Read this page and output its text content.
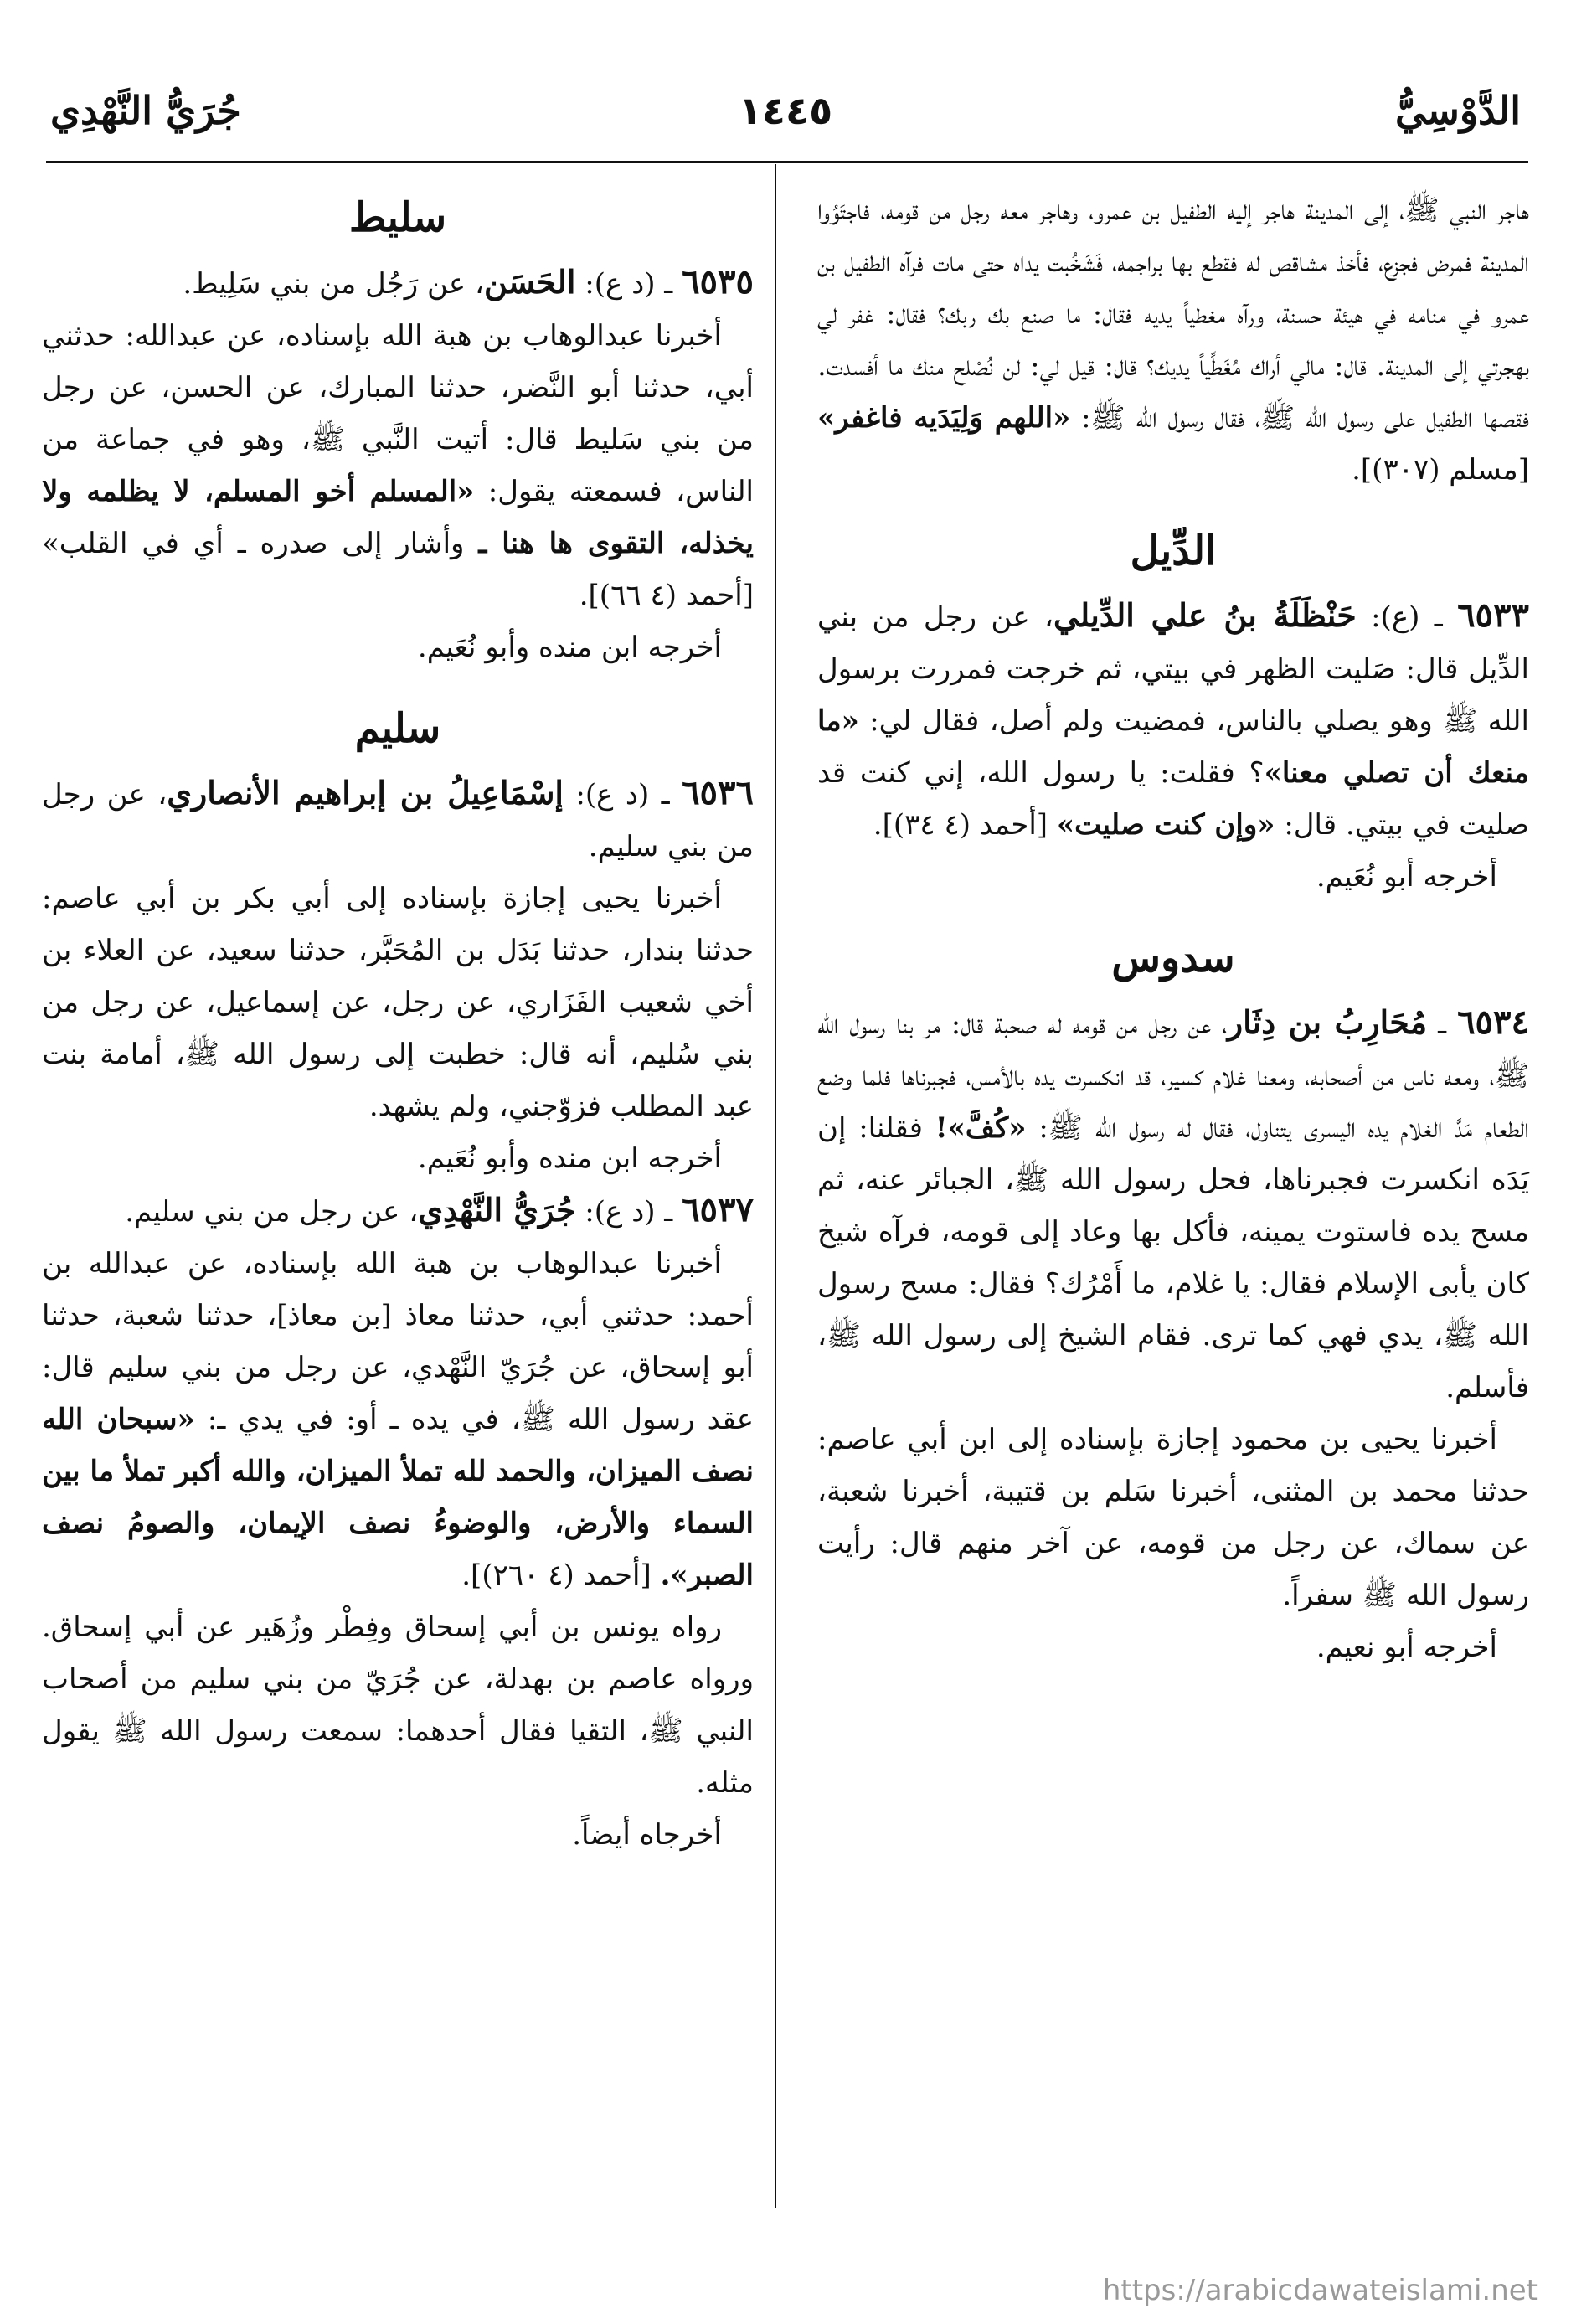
الدَّوْسِيُّ
١٤٤٥
جُرَيُّ النَّهْدِي

هاجر النبي ﷺ، إلى المدينة هاجر إليه الطفيل بن عمرو، وهاجر معه رجل من قومه، فاجتَوُوا المدينة فمرض فجزع، فأخذ مشاقص له فقطع بها براجمه، فَشَخُبت يداه حتى مات فرآه الطفيل بن عمرو في منامه في هيئة حسنة، ورآه مغطياً يديه فقال: ما صنع بك ربك؟ فقال: غفر لي بهجرتي إلى المدينة. قال: مالي أراك مُغَطِّياً يديك؟ قال: قيل لي: لن نُصْلح منك ما أفسدت. فقصها الطفيل على رسول الله ﷺ، فقال رسول الله ﷺ: «اللهم وَلِيَدَيه فاغفر» [مسلم (٣٠٧)].

الدِّيل

٦٥٣٣ ـ (ع): حَنْظَلَةُ بنُ علي الدِّيلي، عن رجل من بني الدِّيل قال: صَليت الظهر في بيتي، ثم خرجت فمررت برسول الله ﷺ وهو يصلي بالناس، فمضيت ولم أصل، فقال لي: «ما منعك أن تصلي معنا»؟ فقلت: يا رسول الله، إني كنت قد صليت في بيتي. قال: «وإن كنت صليت» [أحمد (٤ ٣٤)].

أخرجه أبو نُعَيم.

سدوس

٦٥٣٤ ـ مُحَارِبُ بن دِثَار، عن رجل من قومه له صحبة قال: مر بنا رسول الله ﷺ، ومعه ناس من أصحابه، ومعنا غلام كسير، قد انكسرت يده بالأمس، فجبرناها فلما وضع الطعام مَدَّ الغلام يده اليسرى يتناول، فقال له رسول الله ﷺ: «كُفَّ»! فقلنا: إن يَدَه انكسرت فجبرناها، فحل رسول الله ﷺ، الجبائر عنه، ثم مسح يده فاستوت يمينه، فأكل بها وعاد إلى قومه، فرآه شيخ كان يأبى الإسلام فقال: يا غلام، ما أَمْرُك؟ فقال: مسح رسول الله ﷺ، يدي فهي كما ترى. فقام الشيخ إلى رسول الله ﷺ، فأسلم.

أخبرنا يحيى بن محمود إجازة بإسناده إلى ابن أبي عاصم: حدثنا محمد بن المثنى، أخبرنا سَلم بن قتيبة، أخبرنا شعبة، عن سماك، عن رجل من قومه، عن آخر منهم قال: رأيت رسول الله ﷺ سفراً.

أخرجه أبو نعيم.

سليط

٦٥٣٥ ـ (د ع): الحَسَن، عن رَجُل من بني سَلِيط.

أخبرنا عبدالوهاب بن هبة الله بإسناده، عن عبدالله: حدثني أبي، حدثنا أبو النَّضر، حدثنا المبارك، عن الحسن، عن رجل من بني سَليط قال: أتيت النَّبي ﷺ، وهو في جماعة من الناس، فسمعته يقول: «المسلم أخو المسلم، لا يظلمه ولا يخذله، التقوى ها هنا ـ وأشار إلى صدره ـ أي في القلب» [أحمد (٤ ٦٦)].

أخرجه ابن منده وأبو نُعَيم.

سليم

٦٥٣٦ ـ (د ع): إسْمَاعِيلُ بن إبراهيم الأنصاري، عن رجل من بني سليم.

أخبرنا يحيى إجازة بإسناده إلى أبي بكر بن أبي عاصم: حدثنا بندار، حدثنا بَدَل بن المُحَبَّر، حدثنا سعيد، عن العلاء بن أخي شعيب الفَزَاري، عن رجل، عن إسماعيل، عن رجل من بني سُليم، أنه قال: خطبت إلى رسول الله ﷺ، أمامة بنت عبد المطلب فزوّجني، ولم يشهد.

أخرجه ابن منده وأبو نُعَيم.

٦٥٣٧ ـ (د ع): جُرَيُّ النَّهْدِي، عن رجل من بني سليم.

أخبرنا عبدالوهاب بن هبة الله بإسناده، عن عبدالله بن أحمد: حدثني أبي، حدثنا معاذ [بن معاذ]، حدثنا شعبة، حدثنا أبو إسحاق، عن جُرَيّ النَّهْدي، عن رجل من بني سليم قال: عقد رسول الله ﷺ، في يده ـ أو: في يدي ـ: «سبحان الله نصف الميزان، والحمد لله تملأ الميزان، والله أكبر تملأ ما بين السماء والأرض، والوضوءُ نصف الإيمان، والصومُ نصف الصبر». [أحمد (٤ ٢٦٠)].

رواه يونس بن أبي إسحاق وفِطْر وزُهَير عن أبي إسحاق. ورواه عاصم بن بهدلة، عن جُرَيّ من بني سليم من أصحاب النبي ﷺ، التقيا فقال أحدهما: سمعت رسول الله ﷺ يقول مثله.

أخرجاه أيضاً.

https://arabicdawateislami.net
